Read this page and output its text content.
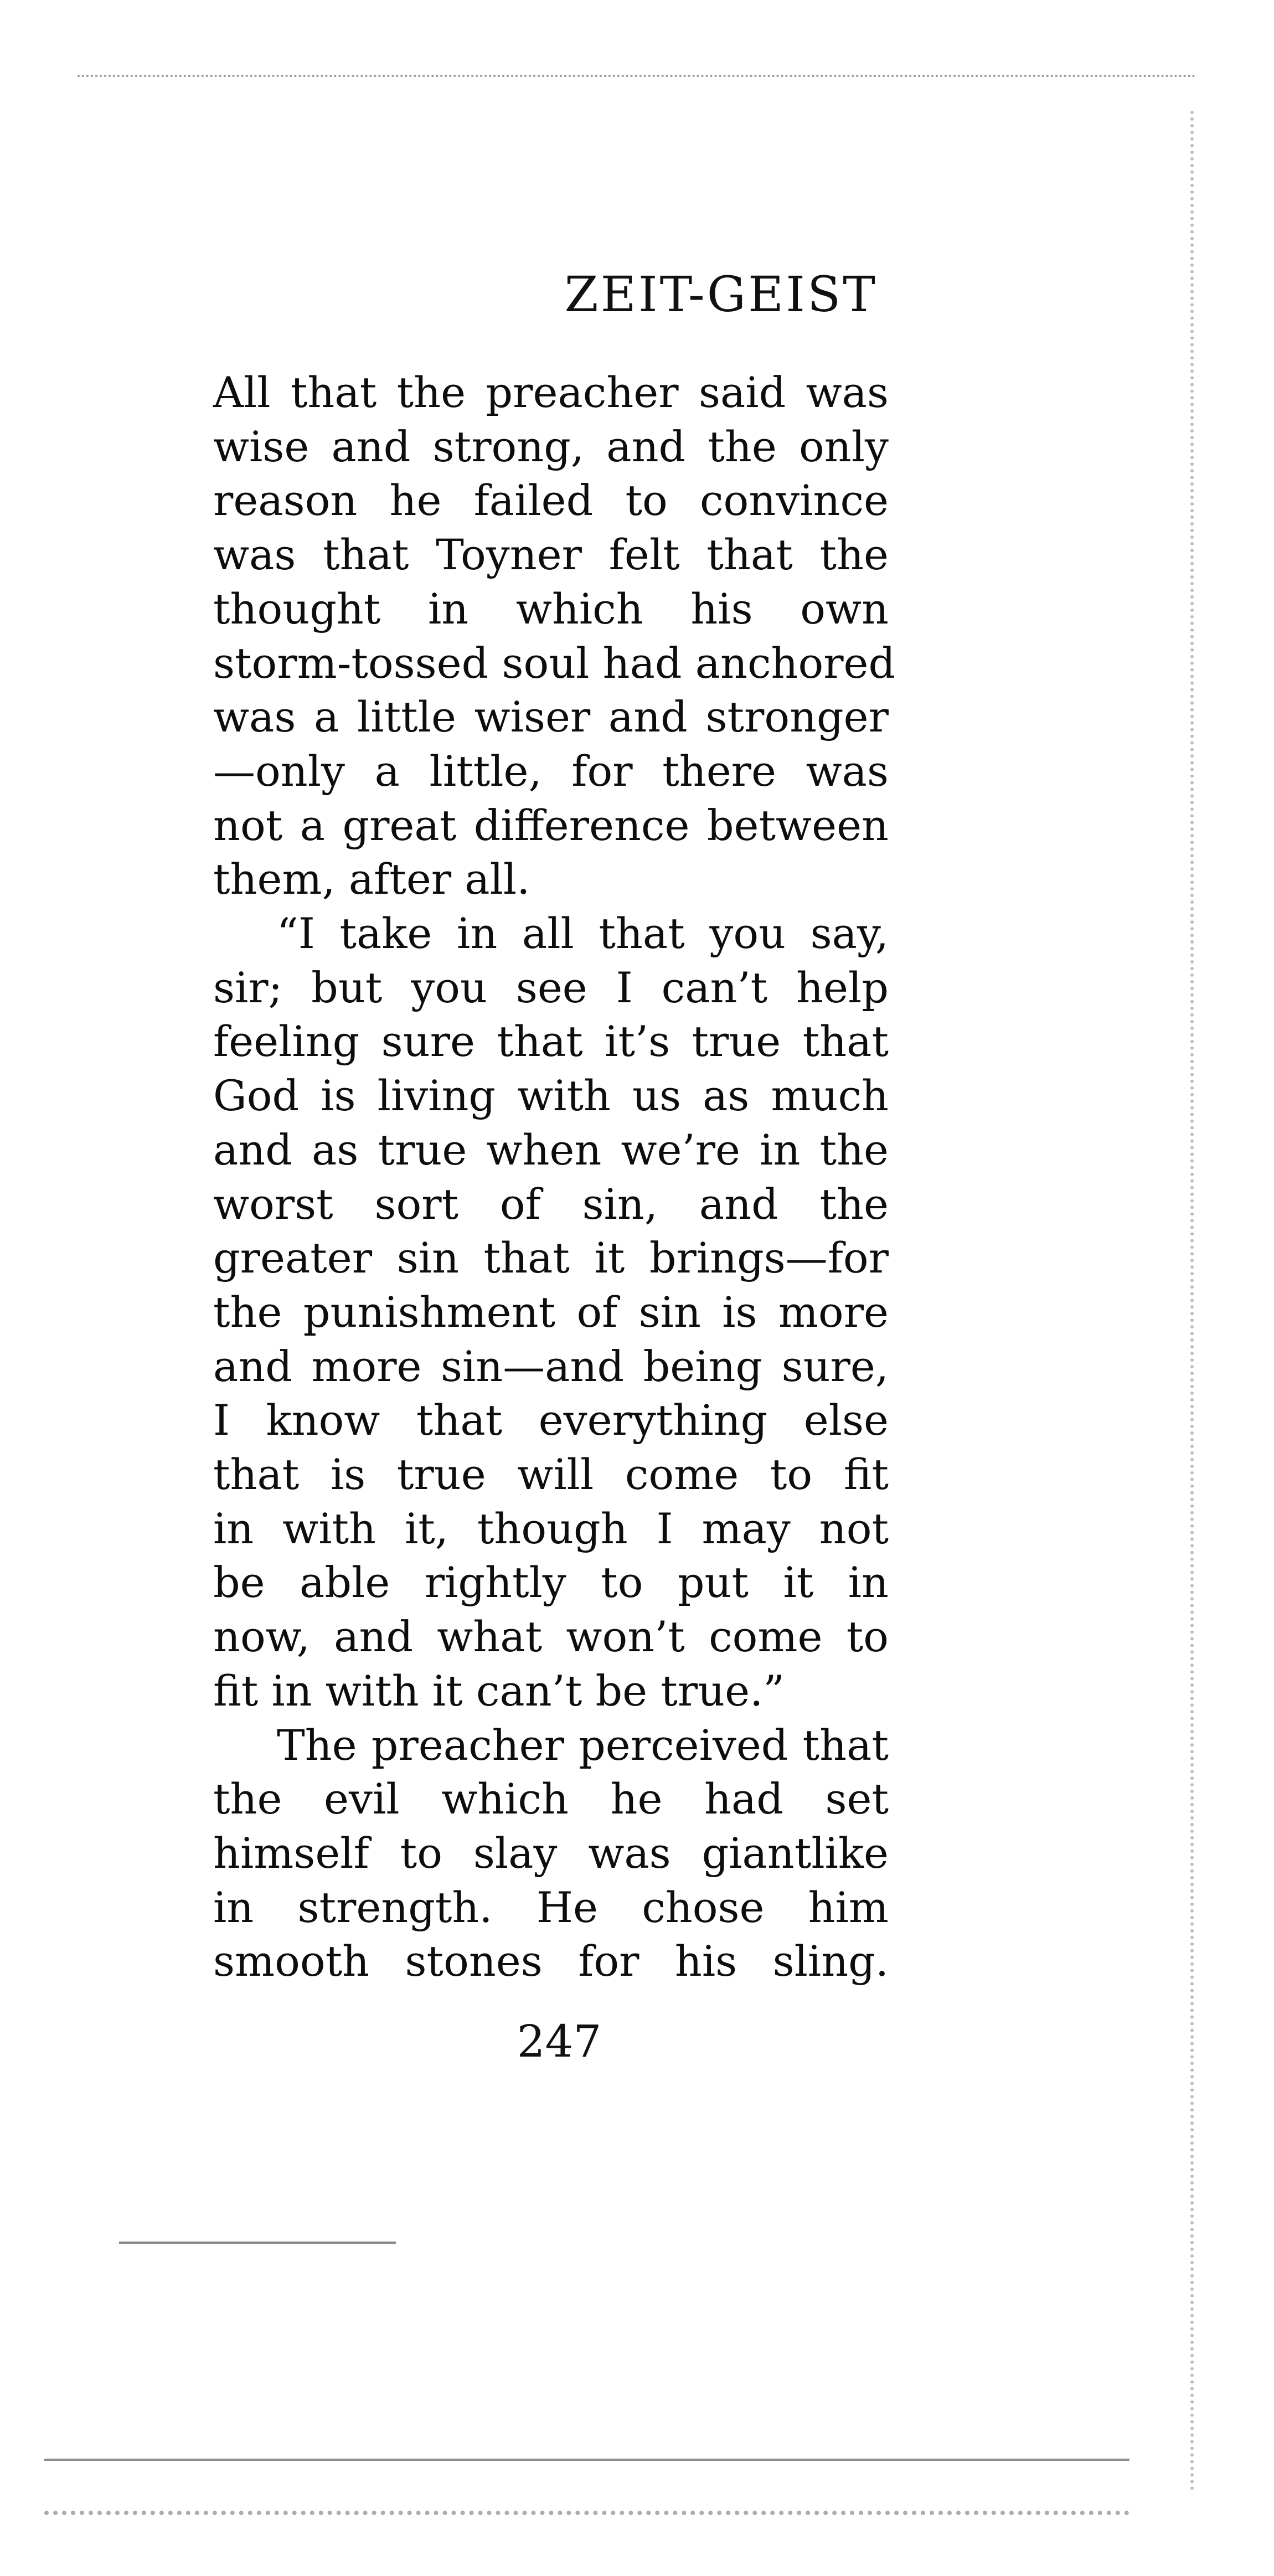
ZEIT-GEIST
All that the preacher said was
wise and strong, and the only
reason he failed to convince
was that Toyner felt that the
thought in which his own
storm-tossed soul had anchored
was a little wiser and stronger
—only a little, for there was
not a great difference between
them, after all.
“I take in all that you say,
sir; but you see I can’t help
feeling sure that it’s true that
God is living with us as much
and as true when we’re in the
worst sort of sin, and the
greater sin that it brings—for
the punishment of sin is more
and more sin—and being sure,
I know that everything else
that is true will come to fit
in with it, though I may not
be able rightly to put it in
now, and what won’t come to
fit in with it can’t be true.”
The preacher perceived that
the evil which he had set
himself to slay was giantlike
in strength. He chose him
smooth stones for his sling.
247
